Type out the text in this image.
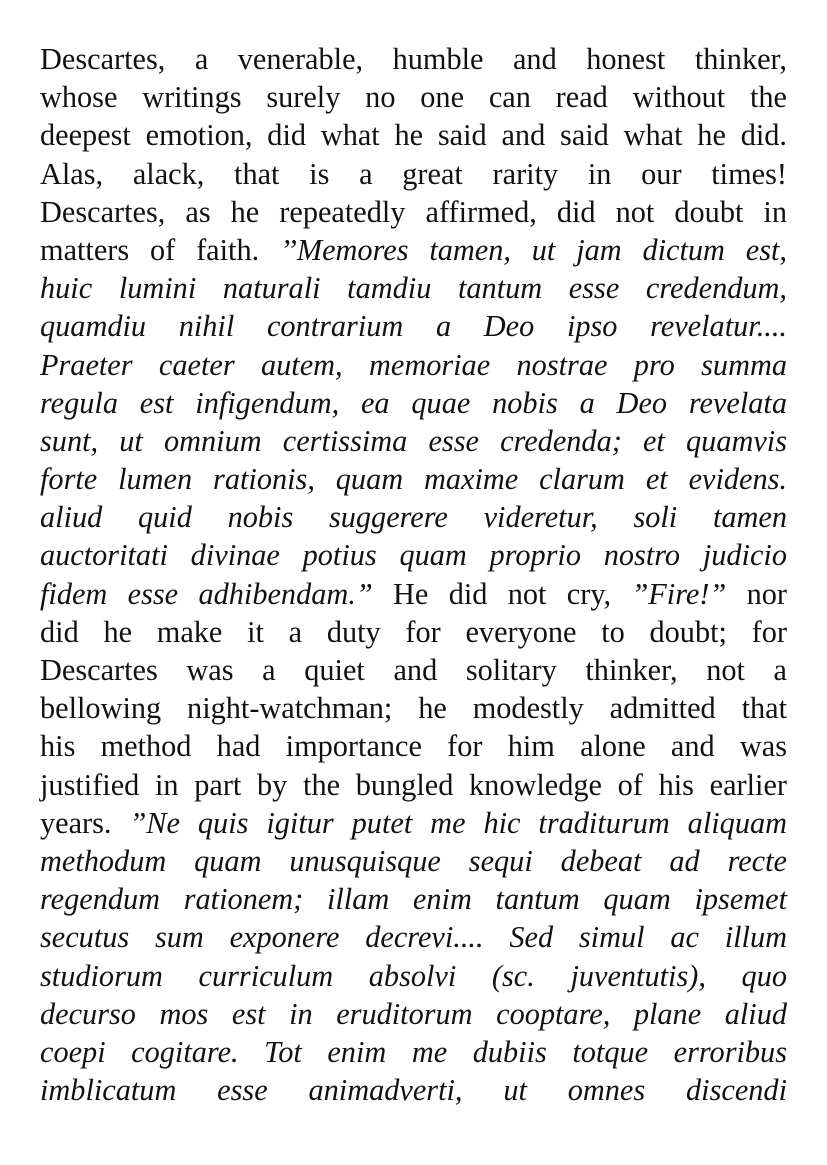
Descartes, a venerable, humble and honest thinker,
whose writings surely no one can read without the
deepest emotion, did what he said and said what he did.
Alas, alack, that is a great rarity in our times!
Descartes, as he repeatedly affirmed, did not doubt in
matters of faith. ’’Memores tamen, ut jam dictum est,
huic lumini naturali tamdiu tantum esse credendum,
quamdiu nihil contrarium a Deo ipso revelatur....
Praeter caeter autem, memoriae nostrae pro summa
regula est infigendum, ea quae nobis a Deo revelata
sunt, ut omnium certissima esse credenda; et quamvis
forte lumen rationis, quam maxime clarum et evidens.
aliud quid nobis suggerere videretur, soli tamen
auctoritati divinae potius quam proprio nostro judicio
fidem esse adhibendam.” He did not cry, ”Fire!” nor
did he make it a duty for everyone to doubt; for
Descartes was a quiet and solitary thinker, not a
bellowing night-watchman; he modestly admitted that
his method had importance for him alone and was
justified in part by the bungled knowledge of his earlier
years. ”Ne quis igitur putet me hic traditurum aliquam
methodum quam unusquisque sequi debeat ad recte
regendum rationem; illam enim tantum quam ipsemet
secutus sum exponere decrevi.... Sed simul ac illum
studiorum curriculum absolvi (sc. juventutis), quo
decurso mos est in eruditorum cooptare, plane aliud
coepi cogitare. Tot enim me dubiis totque erroribus
imblicatum esse animadverti, ut omnes discendi
